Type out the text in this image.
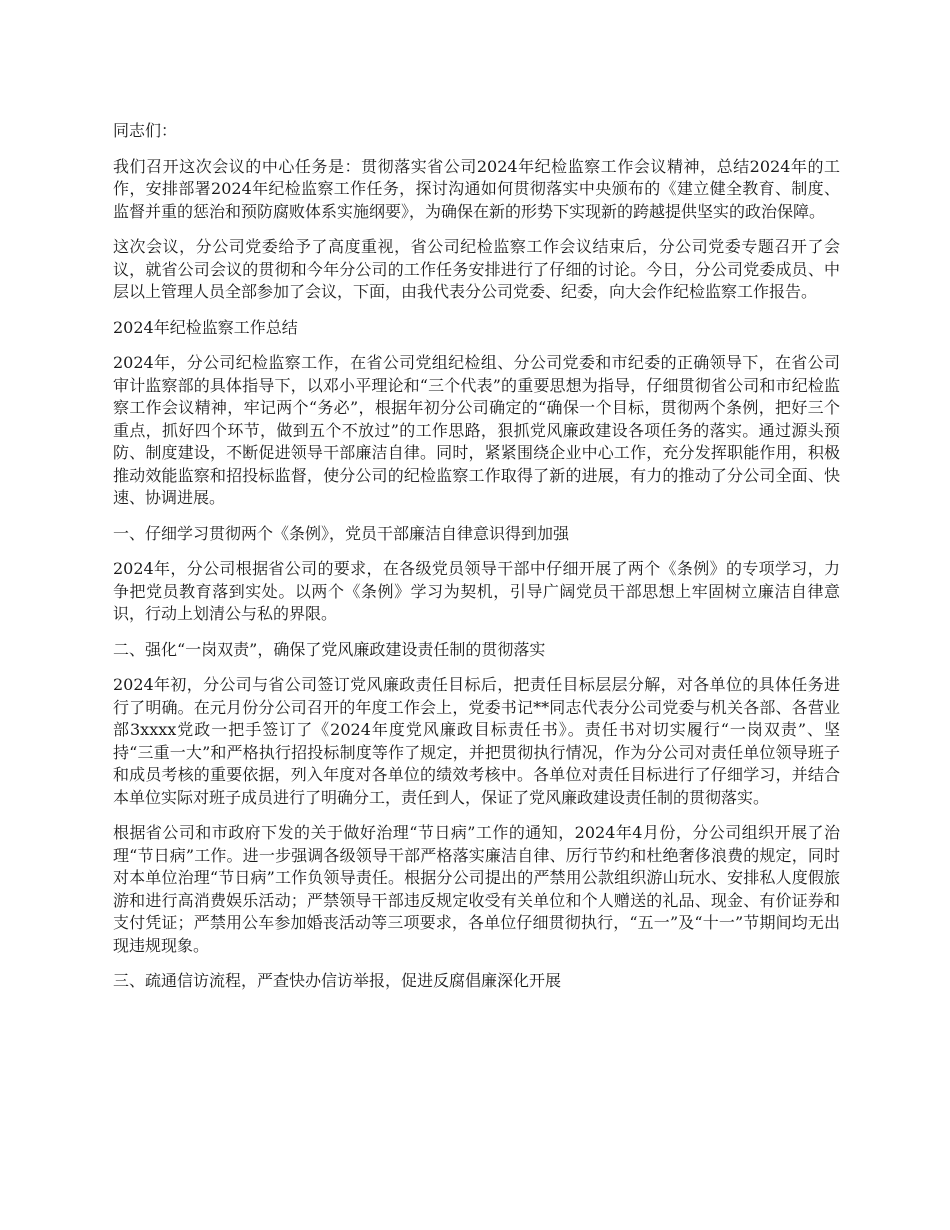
同志们：

我们召开这次会议的中心任务是：贯彻落实省公司2024年纪检监察工作会议精神，总结2024年的工作，安排部署2024年纪检监察工作任务，探讨沟通如何贯彻落实中央颁布的《建立健全教育、制度、监督并重的惩治和预防腐败体系实施纲要》，为确保在新的形势下实现新的跨越提供坚实的政治保障。

这次会议，分公司党委给予了高度重视，省公司纪检监察工作会议结束后，分公司党委专题召开了会议，就省公司会议的贯彻和今年分公司的工作任务安排进行了仔细的讨论。今日，分公司党委成员、中层以上管理人员全部参加了会议，下面，由我代表分公司党委、纪委，向大会作纪检监察工作报告。

2024年纪检监察工作总结

2024年，分公司纪检监察工作，在省公司党组纪检组、分公司党委和市纪委的正确领导下，在省公司审计监察部的具体指导下，以邓小平理论和“三个代表”的重要思想为指导，仔细贯彻省公司和市纪检监察工作会议精神，牢记两个“务必”，根据年初分公司确定的“确保一个目标，贯彻两个条例，把好三个重点，抓好四个环节，做到五个不放过”的工作思路，狠抓党风廉政建设各项任务的落实。通过源头预防、制度建设，不断促进领导干部廉洁自律。同时，紧紧围绕企业中心工作，充分发挥职能作用，积极推动效能监察和招投标监督，使分公司的纪检监察工作取得了新的进展，有力的推动了分公司全面、快速、协调进展。

一、仔细学习贯彻两个《条例》，党员干部廉洁自律意识得到加强

2024年，分公司根据省公司的要求，在各级党员领导干部中仔细开展了两个《条例》的专项学习，力争把党员教育落到实处。以两个《条例》学习为契机，引导广阔党员干部思想上牢固树立廉洁自律意识，行动上划清公与私的界限。

二、强化“一岗双责”，确保了党风廉政建设责任制的贯彻落实

2024年初，分公司与省公司签订党风廉政责任目标后，把责任目标层层分解，对各单位的具体任务进行了明确。在元月份分公司召开的年度工作会上，党委书记**同志代表分公司党委与机关各部、各营业部3xxxx党政一把手签订了《2024年度党风廉政目标责任书》。责任书对切实履行“一岗双责”、坚持“三重一大”和严格执行招投标制度等作了规定，并把贯彻执行情况，作为分公司对责任单位领导班子和成员考核的重要依据，列入年度对各单位的绩效考核中。各单位对责任目标进行了仔细学习，并结合本单位实际对班子成员进行了明确分工，责任到人，保证了党风廉政建设责任制的贯彻落实。

根据省公司和市政府下发的关于做好治理“节日病”工作的通知，2024年4月份，分公司组织开展了治理“节日病”工作。进一步强调各级领导干部严格落实廉洁自律、厉行节约和杜绝奢侈浪费的规定，同时对本单位治理“节日病”工作负领导责任。根据分公司提出的严禁用公款组织游山玩水、安排私人度假旅游和进行高消费娱乐活动；严禁领导干部违反规定收受有关单位和个人赠送的礼品、现金、有价证券和支付凭证；严禁用公车参加婚丧活动等三项要求，各单位仔细贯彻执行，“五一”及“十一”节期间均无出现违规现象。

三、疏通信访流程，严查快办信访举报，促进反腐倡廉深化开展
